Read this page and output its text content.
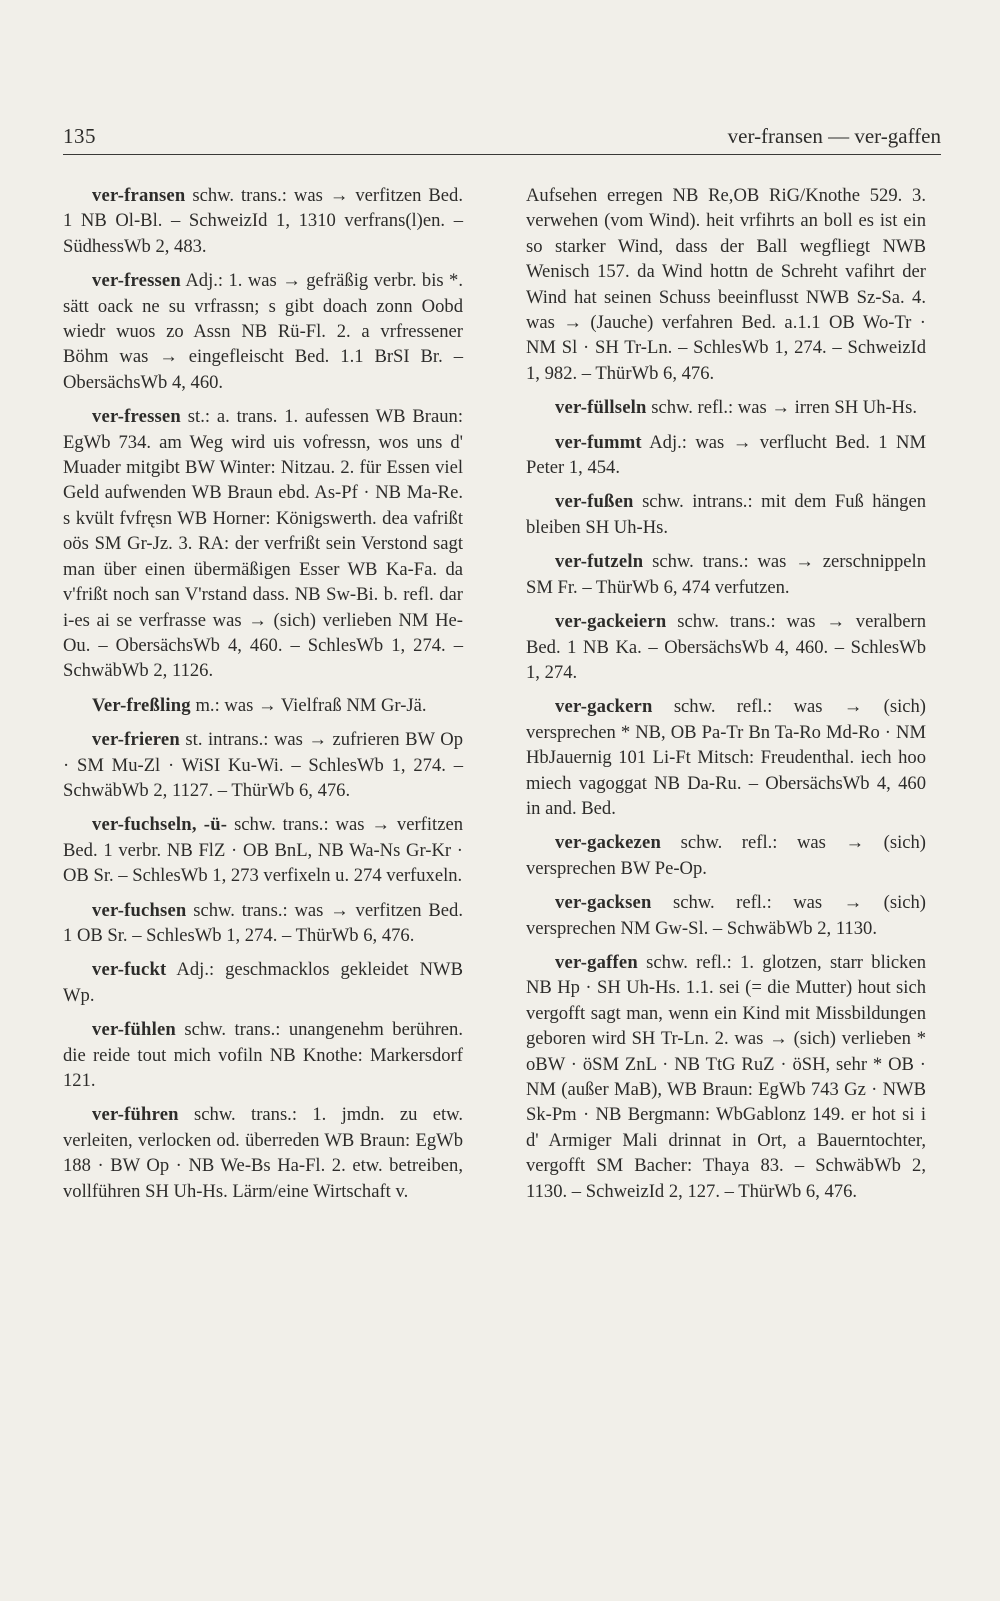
135	ver-fransen — ver-gaffen

ver-fransen schw. trans.: was → verfitzen Bed. 1 NB Ol-Bl. – SchweizId 1, 1310 verfrans(l)en. – SüdhessWb 2, 483.

ver-fressen Adj.: 1. was → gefräßig verbr. bis *. sätt oack ne su vrfrassn; s gibt doach zonn Oobd wiedr wuos zo Assn NB Rü-Fl. 2. a vrfressener Böhm was → eingefleischt Bed. 1.1 BrSI Br. – ObersächsWb 4, 460.

ver-fressen st.: a. trans. 1. aufessen WB Braun: EgWb 734. am Weg wird uis vofressn, wos uns d' Muader mitgibt BW Winter: Nitzau. 2. für Essen viel Geld aufwenden WB Braun ebd. As-Pf · NB Ma-Re. s kvült fvfręsn WB Horner: Königswerth. dea vafrißt oös SM Gr-Jz. 3. RA: der verfrißt sein Verstond sagt man über einen übermäßigen Esser WB Ka-Fa. da v'frißt noch san V'rstand dass. NB Sw-Bi. b. refl. dar i-es ai se verfrasse was → (sich) verlieben NM He-Ou. – ObersächsWb 4, 460. – SchlesWb 1, 274. – SchwäbWb 2, 1126.

Ver-freßling m.: was → Vielfraß NM Gr-Jä.

ver-frieren st. intrans.: was → zufrieren BW Op · SM Mu-Zl · WiSI Ku-Wi. – SchlesWb 1, 274. – SchwäbWb 2, 1127. – ThürWb 6, 476.

ver-fuchseln, -ü- schw. trans.: was → verfitzen Bed. 1 verbr. NB FlZ · OB BnL, NB Wa-Ns Gr-Kr · OB Sr. – SchlesWb 1, 273 verfixeln u. 274 verfuxeln.

ver-fuchsen schw. trans.: was → verfitzen Bed. 1 OB Sr. – SchlesWb 1, 274. – ThürWb 6, 476.

ver-fuckt Adj.: geschmacklos gekleidet NWB Wp.

ver-fühlen schw. trans.: unangenehm berühren. die reide tout mich vofiln NB Knothe: Markersdorf 121.

ver-führen schw. trans.: 1. jmdn. zu etw. verleiten, verlocken od. überreden WB Braun: EgWb 188 · BW Op · NB We-Bs Ha-Fl. 2. etw. betreiben, vollführen SH Uh-Hs. Lärm/eine Wirtschaft v.

Aufsehen erregen NB Re,OB RiG/Knothe 529. 3. verwehen (vom Wind). heit vrfihrts an boll es ist ein so starker Wind, dass der Ball wegfliegt NWB Wenisch 157. da Wind hottn de Schreht vafihrt der Wind hat seinen Schuss beeinflusst NWB Sz-Sa. 4. was → (Jauche) verfahren Bed. a.1.1 OB Wo-Tr · NM Sl · SH Tr-Ln. – SchlesWb 1, 274. – SchweizId 1, 982. – ThürWb 6, 476.

ver-füllseln schw. refl.: was → irren SH Uh-Hs.

ver-fummt Adj.: was → verflucht Bed. 1 NM Peter 1, 454.

ver-fußen schw. intrans.: mit dem Fuß hängen bleiben SH Uh-Hs.

ver-futzeln schw. trans.: was → zerschnippeln SM Fr. – ThürWb 6, 474 verfutzen.

ver-gackeiern schw. trans.: was → veralbern Bed. 1 NB Ka. – ObersächsWb 4, 460. – SchlesWb 1, 274.

ver-gackern schw. refl.: was → (sich) versprechen * NB, OB Pa-Tr Bn Ta-Ro Md-Ro · NM HbJauernig 101 Li-Ft Mitsch: Freudenthal. iech hoo miech vagoggat NB Da-Ru. – ObersächsWb 4, 460 in and. Bed.

ver-gackezen schw. refl.: was → (sich) versprechen BW Pe-Op.

ver-gacksen schw. refl.: was → (sich) versprechen NM Gw-Sl. – SchwäbWb 2, 1130.

ver-gaffen schw. refl.: 1. glotzen, starr blicken NB Hp · SH Uh-Hs. 1.1. sei (= die Mutter) hout sich vergofft sagt man, wenn ein Kind mit Missbildungen geboren wird SH Tr-Ln. 2. was → (sich) verlieben * oBW · öSM ZnL · NB TtG RuZ · öSH, sehr * OB · NM (außer MaB), WB Braun: EgWb 743 Gz · NWB Sk-Pm · NB Bergmann: WbGablonz 149. er hot si i d' Armiger Mali drinnat in Ort, a Bauerntochter, vergofft SM Bacher: Thaya 83. – SchwäbWb 2, 1130. – SchweizId 2, 127. – ThürWb 6, 476.
